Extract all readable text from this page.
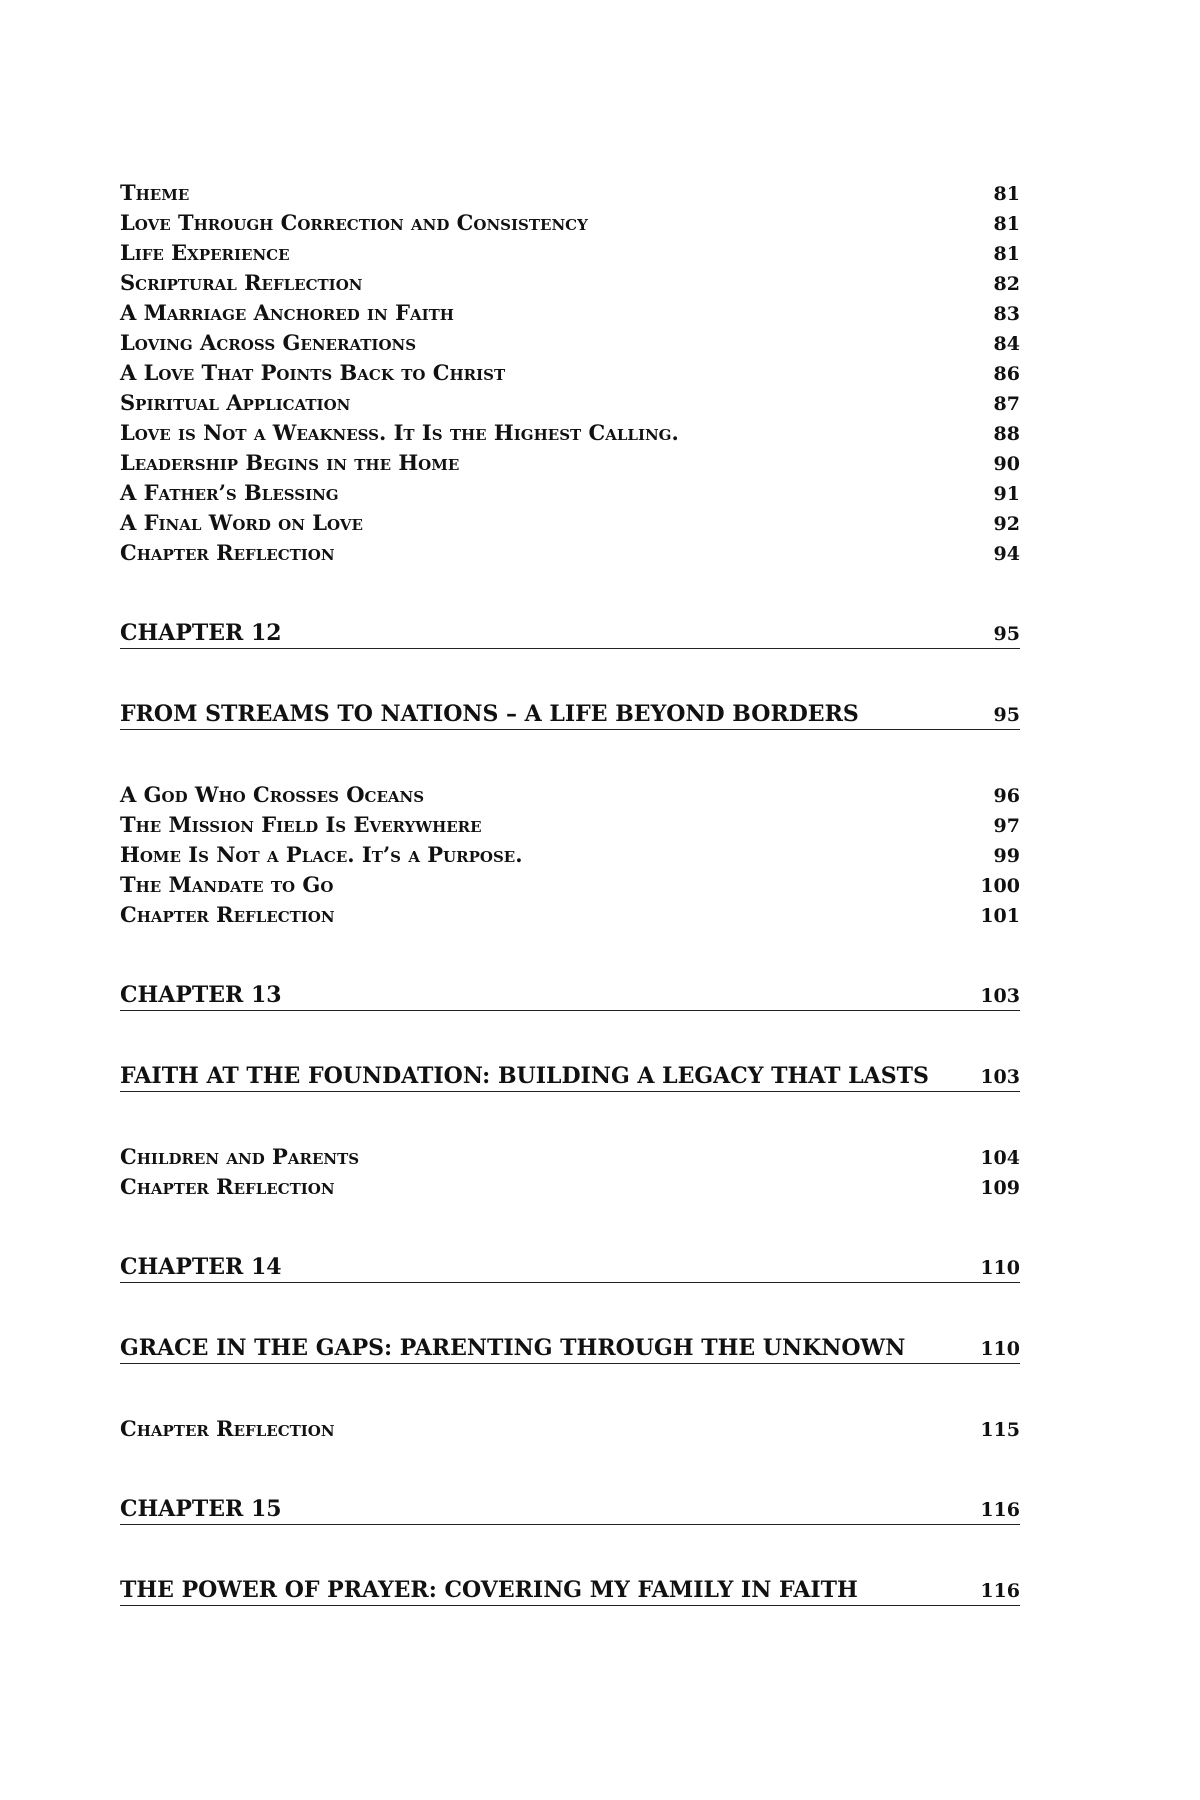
Theme	81
Love Through Correction and Consistency	81
Life Experience	81
Scriptural Reflection	82
A Marriage Anchored in Faith	83
Loving Across Generations	84
A Love That Points Back to Christ	86
Spiritual Application	87
Love is Not a Weakness. It Is the Highest Calling.	88
Leadership Begins in the Home	90
A Father’s Blessing	91
A Final Word on Love	92
Chapter Reflection	94
CHAPTER 12	95
FROM STREAMS TO NATIONS – A LIFE BEYOND BORDERS	95
A God Who Crosses Oceans	96
The Mission Field Is Everywhere	97
Home Is Not a Place. It’s a Purpose.	99
The Mandate to Go	100
Chapter Reflection	101
CHAPTER 13	103
FAITH AT THE FOUNDATION: BUILDING A LEGACY THAT LASTS	103
Children and Parents	104
Chapter Reflection	109
CHAPTER 14	110
GRACE IN THE GAPS: PARENTING THROUGH THE UNKNOWN	110
Chapter Reflection	115
CHAPTER 15	116
THE POWER OF PRAYER: COVERING MY FAMILY IN FAITH	116
